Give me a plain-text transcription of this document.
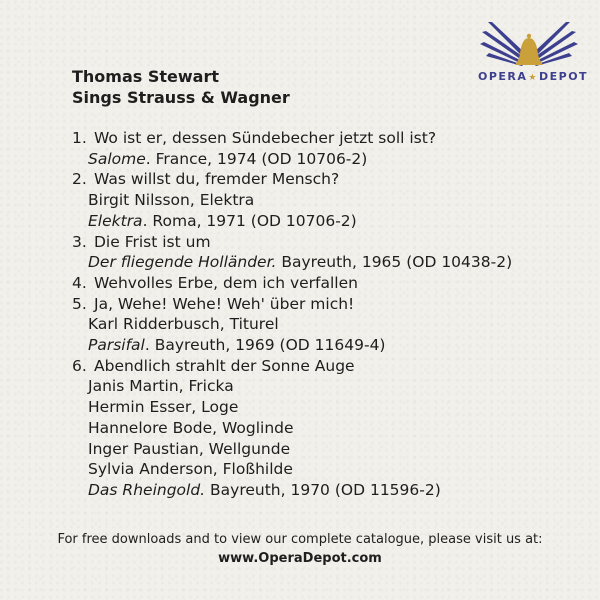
OPERA★DEPOT
Thomas Stewart
Sings Strauss & Wagner
1. Wo ist er, dessen Sündebecher jetzt soll ist?
Salome. France, 1974 (OD 10706-2)
2. Was willst du, fremder Mensch?
Birgit Nilsson, Elektra
Elektra. Roma, 1971 (OD 10706-2)
3. Die Frist ist um
Der fliegende Holländer. Bayreuth, 1965 (OD 10438-2)
4. Wehvolles Erbe, dem ich verfallen
5. Ja, Wehe! Wehe! Weh' über mich!
Karl Ridderbusch, Titurel
Parsifal. Bayreuth, 1969 (OD 11649-4)
6. Abendlich strahlt der Sonne Auge
Janis Martin, Fricka
Hermin Esser, Loge
Hannelore Bode, Woglinde
Inger Paustian, Wellgunde
Sylvia Anderson, Floßhilde
Das Rheingold. Bayreuth, 1970 (OD 11596-2)
For free downloads and to view our complete catalogue, please visit us at:
www.OperaDepot.com
